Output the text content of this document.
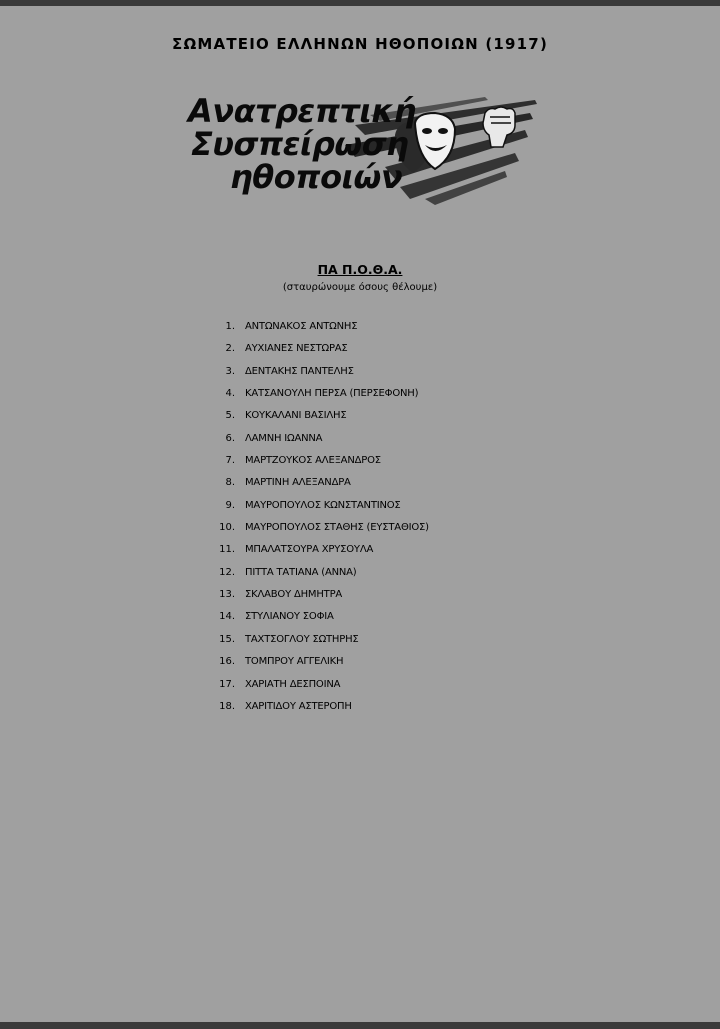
ΣΩΜΑΤΕΙΟ ΕΛΛΗΝΩΝ ΗΘΟΠΟΙΩΝ (1917)
Ανατρεπτική
Συσπείρωση
ηθοποιών
ΠΑ Π.Ο.Θ.Α.
(σταυρώνουμε όσους θέλουμε)
1. ΑΝΤΩΝΑΚΟΣ ΑΝΤΩΝΗΣ
2. ΑΥΧΙΑΝΕΣ ΝΕΣΤΩΡΑΣ
3. ΔΕΝΤΑΚΗΣ ΠΑΝΤΕΛΗΣ
4. ΚΑΤΣΑΝΟΥΛΗ ΠΕΡΣΑ (ΠΕΡΣΕΦΟΝΗ)
5. ΚΟΥΚΑΛΑΝΙ ΒΑΣΙΛΗΣ
6. ΛΑΜΝΗ ΙΩΑΝΝΑ
7. ΜΑΡΤΖΟΥΚΟΣ ΑΛΕΞΑΝΔΡΟΣ
8. ΜΑΡΤΙΝΗ ΑΛΕΞΑΝΔΡΑ
9. ΜΑΥΡΟΠΟΥΛΟΣ ΚΩΝΣΤΑΝΤΙΝΟΣ
10. ΜΑΥΡΟΠΟΥΛΟΣ ΣΤΑΘΗΣ (ΕΥΣΤΑΘΙΟΣ)
11. ΜΠΑΛΑΤΣΟΥΡΑ ΧΡΥΣΟΥΛΑ
12. ΠΙΤΤΑ ΤΑΤΙΑΝΑ (ΑΝΝΑ)
13. ΣΚΛΑΒΟΥ ΔΗΜΗΤΡΑ
14. ΣΤΥΛΙΑΝΟΥ ΣΟΦΙΑ
15. ΤΑΧΤΣΟΓΛΟΥ ΣΩΤΗΡΗΣ
16. ΤΟΜΠΡΟΥ ΑΓΓΕΛΙΚΗ
17. ΧΑΡΙΑΤΗ ΔΕΣΠΟΙΝΑ
18. ΧΑΡΙΤΙΔΟΥ ΑΣΤΕΡΟΠΗ
